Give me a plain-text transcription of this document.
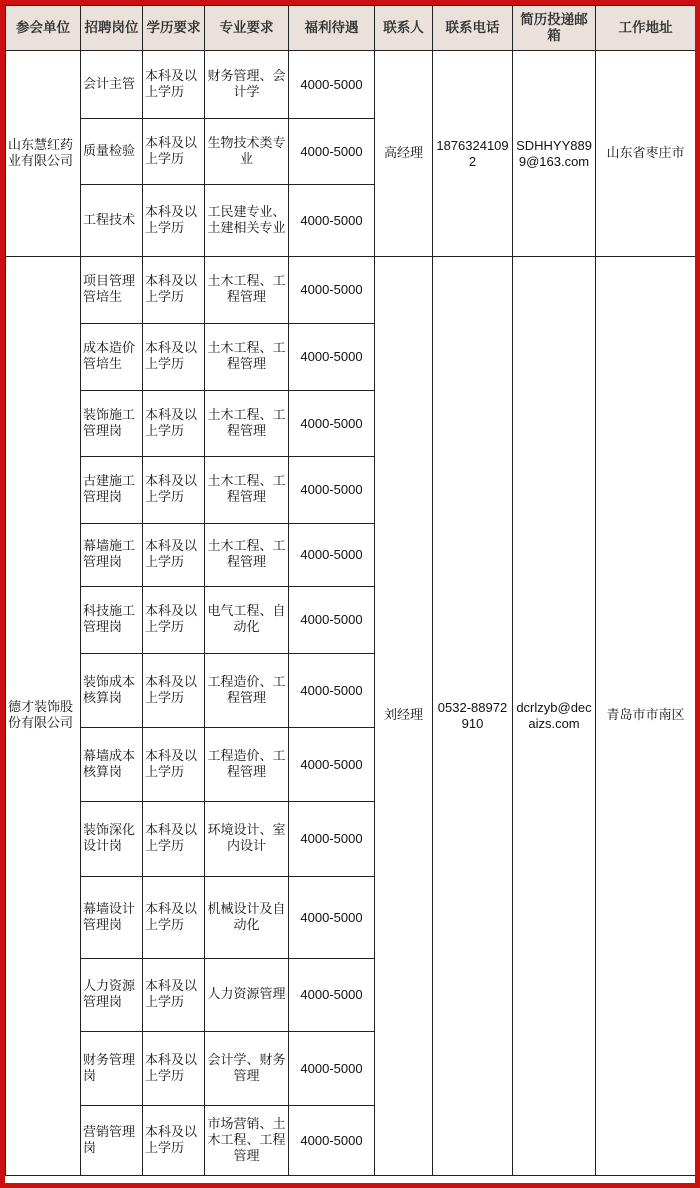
参会单位	招聘岗位	学历要求	专业要求	福利待遇	联系人	联系电话	简历投递邮箱	工作地址
山东慧红药业有限公司	会计主管	本科及以上学历	财务管理、会计学	4000-5000	高经理	18763241092	SDHHYY8899@163.com	山东省枣庄市
	质量检验	本科及以上学历	生物技术类专业	4000-5000				
	工程技术	本科及以上学历	工民建专业、土建相关专业	4000-5000				
德才装饰股份有限公司	项目管理管培生	本科及以上学历	土木工程、工程管理	4000-5000	刘经理	0532-88972910	dcrlzyb@decaizs.com	青岛市市南区
	成本造价管培生	本科及以上学历	土木工程、工程管理	4000-5000				
	装饰施工管理岗	本科及以上学历	土木工程、工程管理	4000-5000				
	古建施工管理岗	本科及以上学历	土木工程、工程管理	4000-5000				
	幕墙施工管理岗	本科及以上学历	土木工程、工程管理	4000-5000				
	科技施工管理岗	本科及以上学历	电气工程、自动化	4000-5000				
	装饰成本核算岗	本科及以上学历	工程造价、工程管理	4000-5000				
	幕墙成本核算岗	本科及以上学历	工程造价、工程管理	4000-5000				
	装饰深化设计岗	本科及以上学历	环境设计、室内设计	4000-5000				
	幕墙设计管理岗	本科及以上学历	机械设计及自动化	4000-5000				
	人力资源管理岗	本科及以上学历	人力资源管理	4000-5000				
	财务管理岗	本科及以上学历	会计学、财务管理	4000-5000				
	营销管理岗	本科及以上学历	市场营销、土木工程、工程管理	4000-5000				
